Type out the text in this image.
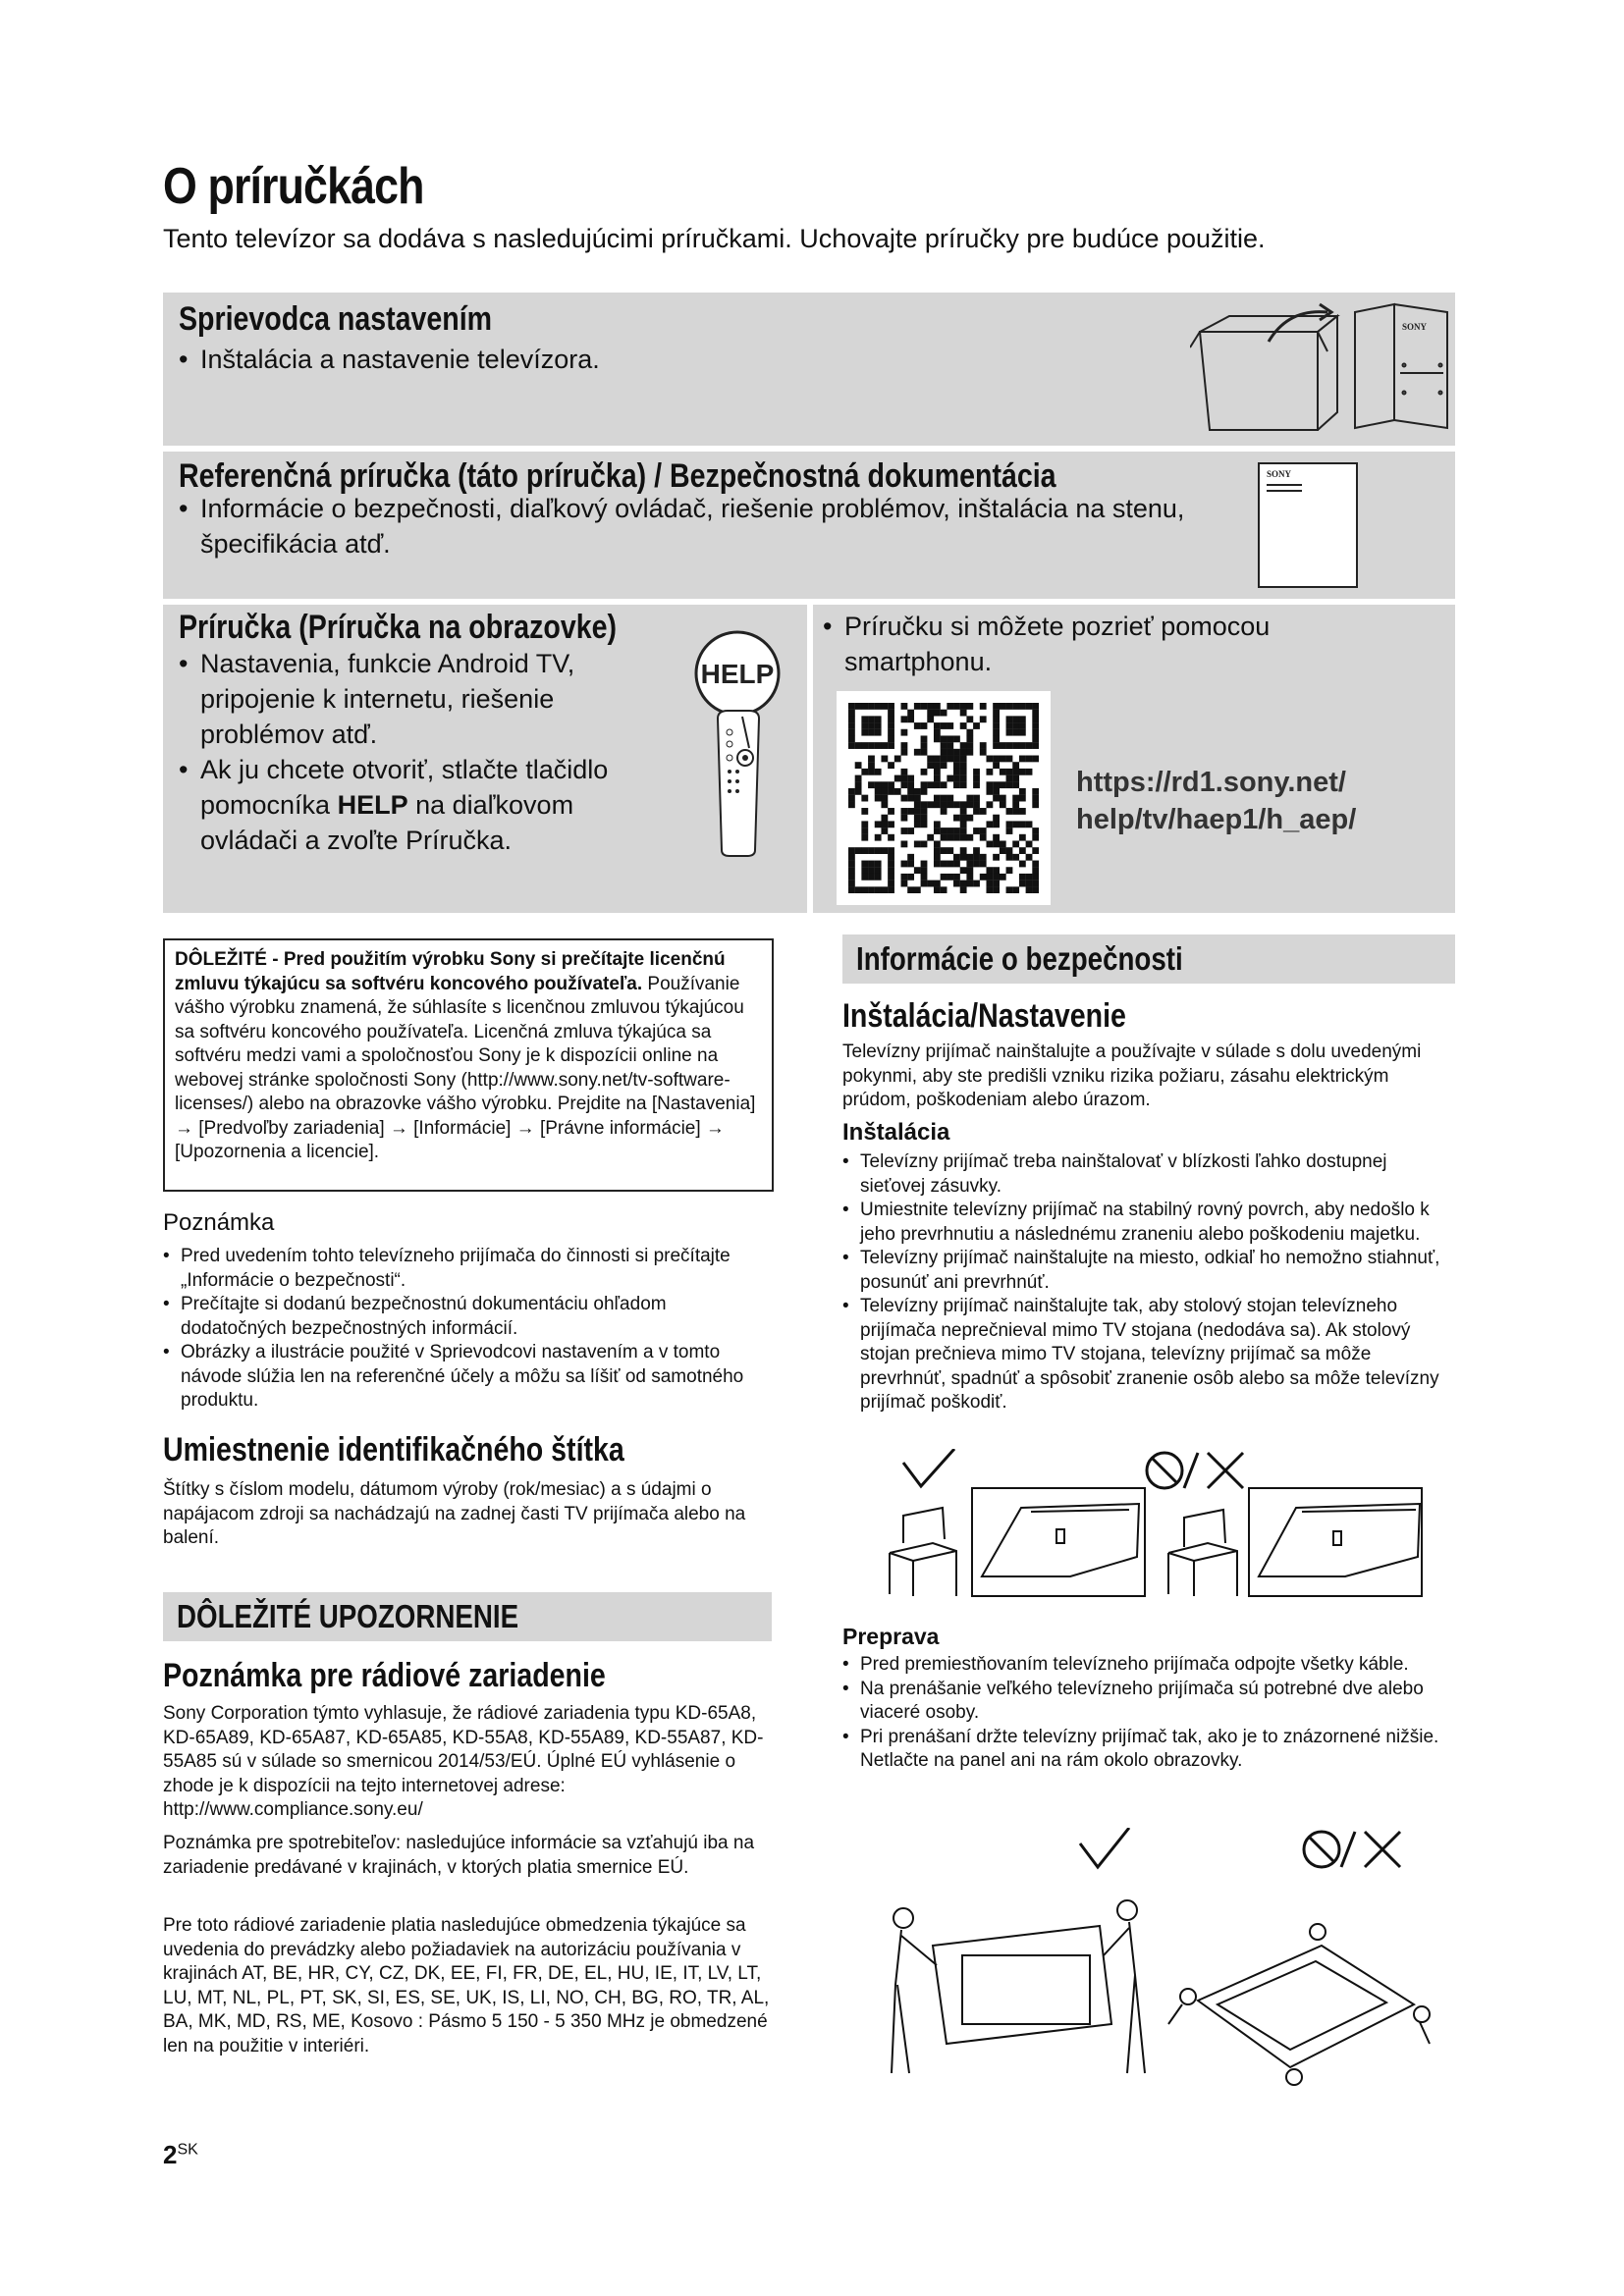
O príručkách
Tento televízor sa dodáva s nasledujúcimi príručkami. Uchovajte príručky pre budúce použitie.
Sprievodca nastavením
• Inštalácia a nastavenie televízora.
SONY
Referenčná príručka (táto príručka) / Bezpečnostná dokumentácia
• Informácie o bezpečnosti, diaľkový ovládač, riešenie problémov, inštalácia na stenu, špecifikácia atď.
SONY
Príručka (Príručka na obrazovke)
• Nastavenia, funkcie Android TV, pripojenie k internetu, riešenie problémov atď.
• Ak ju chcete otvoriť, stlačte tlačidlo pomocníka HELP na diaľkovom ovládači a zvoľte Príručka.
HELP
• Príručku si môžete pozrieť pomocou smartphonu.
https://rd1.sony.net/
help/tv/haep1/h_aep/
DÔLEŽITÉ - Pred použitím výrobku Sony si prečítajte licenčnú zmluvu týkajúcu sa softvéru koncového používateľa. Používanie vášho výrobku znamená, že súhlasíte s licenčnou zmluvou týkajúcou sa softvéru koncového používateľa. Licenčná zmluva týkajúca sa softvéru medzi vami a spoločnosťou Sony je k dispozícii online na webovej stránke spoločnosti Sony (http://www.sony.net/tv-software-licenses/) alebo na obrazovke vášho výrobku. Prejdite na [Nastavenia] → [Predvoľby zariadenia] → [Informácie] → [Právne informácie] → [Upozornenia a licencie].
Poznámka
• Pred uvedením tohto televízneho prijímača do činnosti si prečítajte „Informácie o bezpečnosti“.
• Prečítajte si dodanú bezpečnostnú dokumentáciu ohľadom dodatočných bezpečnostných informácií.
• Obrázky a ilustrácie použité v Sprievodcovi nastavením a v tomto návode slúžia len na referenčné účely a môžu sa líšiť od samotného produktu.
Umiestnenie identifikačného štítka
Štítky s číslom modelu, dátumom výroby (rok/mesiac) a s údajmi o napájacom zdroji sa nachádzajú na zadnej časti TV prijímača alebo na balení.
DÔLEŽITÉ UPOZORNENIE
Poznámka pre rádiové zariadenie
Sony Corporation týmto vyhlasuje, že rádiové zariadenia typu KD-65A8, KD-65A89, KD-65A87, KD-65A85, KD-55A8, KD-55A89, KD-55A87, KD-55A85 sú v súlade so smernicou 2014/53/EÚ. Úplné EÚ vyhlásenie o zhode je k dispozícii na tejto internetovej adrese: http://www.compliance.sony.eu/
Poznámka pre spotrebiteľov: nasledujúce informácie sa vzťahujú iba na zariadenie predávané v krajinách, v ktorých platia smernice EÚ.
Pre toto rádiové zariadenie platia nasledujúce obmedzenia týkajúce sa uvedenia do prevádzky alebo požiadaviek na autorizáciu používania v krajinách AT, BE, HR, CY, CZ, DK, EE, FI, FR, DE, EL, HU, IE, IT, LV, LT, LU, MT, NL, PL, PT, SK, SI, ES, SE, UK, IS, LI, NO, CH, BG, RO, TR, AL, BA, MK, MD, RS, ME, Kosovo : Pásmo 5 150 - 5 350 MHz je obmedzené len na použitie v interiéri.
Informácie o bezpečnosti
Inštalácia/Nastavenie
Televízny prijímač nainštalujte a používajte v súlade s dolu uvedenými pokynmi, aby ste predišli vzniku rizika požiaru, zásahu elektrickým prúdom, poškodeniam alebo úrazom.
Inštalácia
• Televízny prijímač treba nainštalovať v blízkosti ľahko dostupnej sieťovej zásuvky.
• Umiestnite televízny prijímač na stabilný rovný povrch, aby nedošlo k jeho prevrhnutiu a následnému zraneniu alebo poškodeniu majetku.
• Televízny prijímač nainštalujte na miesto, odkiaľ ho nemožno stiahnuť, posunúť ani prevrhnúť.
• Televízny prijímač nainštalujte tak, aby stolový stojan televízneho prijímača neprečnieval mimo TV stojana (nedodáva sa). Ak stolový stojan prečnieva mimo TV stojana, televízny prijímač sa môže prevrhnúť, spadnúť a spôsobiť zranenie osôb alebo sa môže televízny prijímač poškodiť.
Preprava
• Pred premiestňovaním televízneho prijímača odpojte všetky káble.
• Na prenášanie veľkého televízneho prijímača sú potrebné dve alebo viaceré osoby.
• Pri prenášaní držte televízny prijímač tak, ako je to znázornené nižšie. Netlačte na panel ani na rám okolo obrazovky.
$2^{SK}$
